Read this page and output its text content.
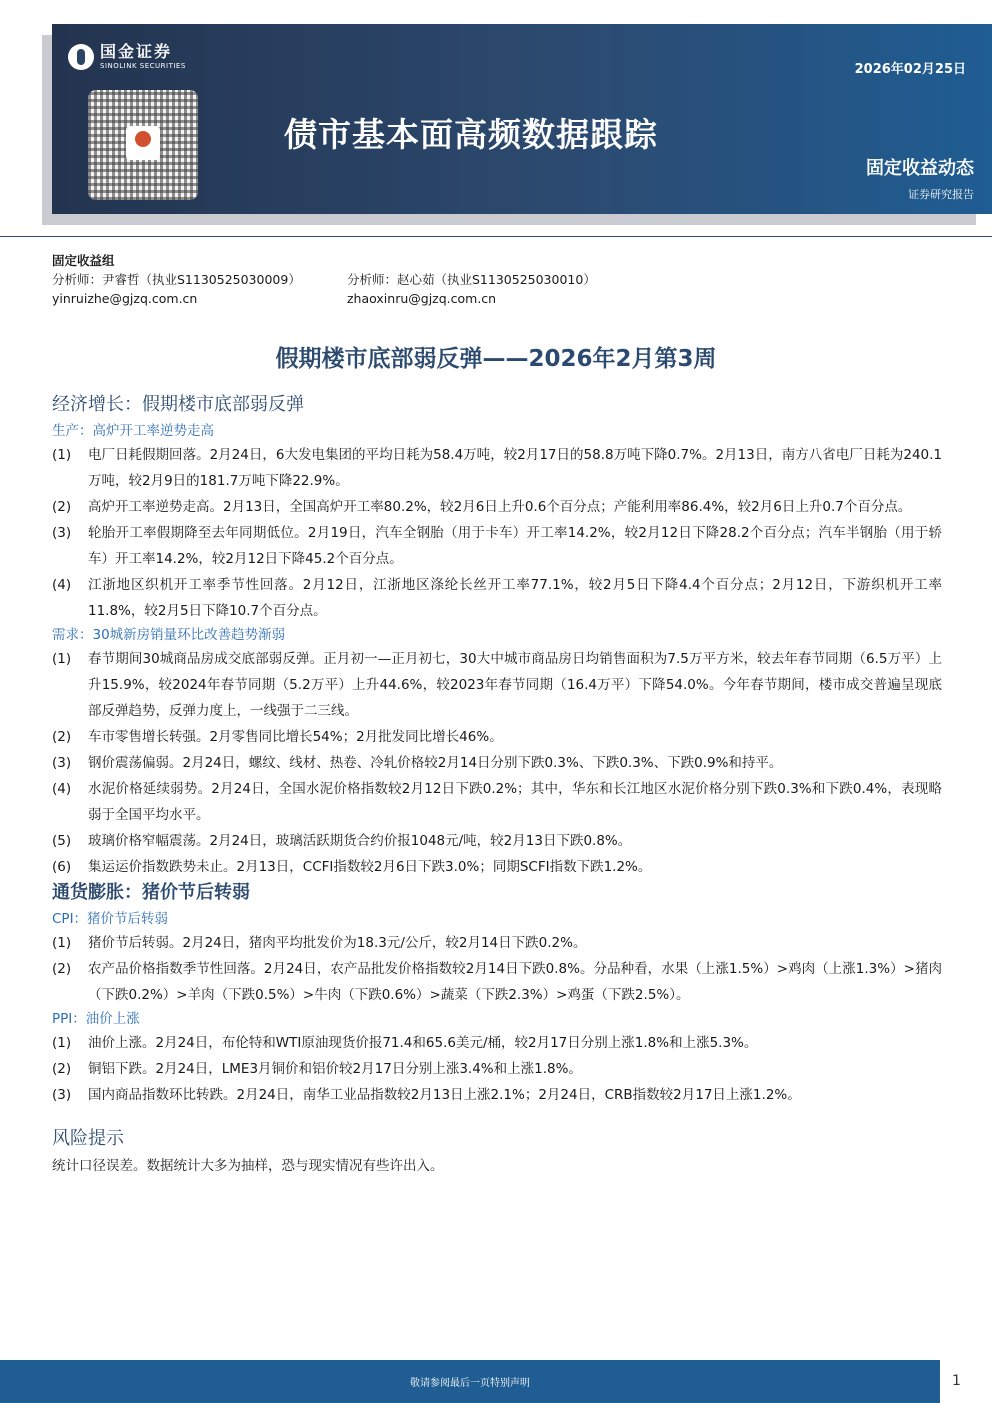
国金证券
SINOLINK SECURITIES	2026年02月25日
债市基本面高频数据跟踪
固定收益动态
证券研究报告
固定收益组
分析师：尹睿哲（执业S1130525030009）	分析师：赵心茹（执业S1130525030010）
yinruizhe@gjzq.com.cn	zhaoxinru@gjzq.com.cn
假期楼市底部弱反弹——2026年2月第3周
经济增长：假期楼市底部弱反弹
生产：高炉开工率逆势走高
(1)	电厂日耗假期回落。2月24日，6大发电集团的平均日耗为58.4万吨，较2月17日的58.8万吨下降0.7%。2月13日，南方八省电厂日耗为240.1万吨，较2月9日的181.7万吨下降22.9%。
(2)	高炉开工率逆势走高。2月13日，全国高炉开工率80.2%，较2月6日上升0.6个百分点；产能利用率86.4%，较2月6日上升0.7个百分点。
(3)	轮胎开工率假期降至去年同期低位。2月19日，汽车全钢胎（用于卡车）开工率14.2%，较2月12日下降28.2个百分点；汽车半钢胎（用于轿车）开工率14.2%，较2月12日下降45.2个百分点。
(4)	江浙地区织机开工率季节性回落。2月12日，江浙地区涤纶长丝开工率77.1%，较2月5日下降4.4个百分点；2月12日，下游织机开工率11.8%，较2月5日下降10.7个百分点。
需求：30城新房销量环比改善趋势渐弱
(1)	春节期间30城商品房成交底部弱反弹。正月初一—正月初七，30大中城市商品房日均销售面积为7.5万平方米，较去年春节同期（6.5万平）上升15.9%，较2024年春节同期（5.2万平）上升44.6%，较2023年春节同期（16.4万平）下降54.0%。今年春节期间，楼市成交普遍呈现底部反弹趋势，反弹力度上，一线强于二三线。
(2)	车市零售增长转强。2月零售同比增长54%；2月批发同比增长46%。
(3)	钢价震荡偏弱。2月24日，螺纹、线材、热卷、冷轧价格较2月14日分别下跌0.3%、下跌0.3%、下跌0.9%和持平。
(4)	水泥价格延续弱势。2月24日，全国水泥价格指数较2月12日下跌0.2%；其中，华东和长江地区水泥价格分别下跌0.3%和下跌0.4%，表现略弱于全国平均水平。
(5)	玻璃价格窄幅震荡。2月24日，玻璃活跃期货合约价报1048元/吨，较2月13日下跌0.8%。
(6)	集运运价指数跌势未止。2月13日，CCFI指数较2月6日下跌3.0%；同期SCFI指数下跌1.2%。
通货膨胀：猪价节后转弱
CPI：猪价节后转弱
(1)	猪价节后转弱。2月24日，猪肉平均批发价为18.3元/公斤，较2月14日下跌0.2%。
(2)	农产品价格指数季节性回落。2月24日，农产品批发价格指数较2月14日下跌0.8%。分品种看，水果（上涨1.5%）>鸡肉（上涨1.3%）>猪肉（下跌0.2%）>羊肉（下跌0.5%）>牛肉（下跌0.6%）>蔬菜（下跌2.3%）>鸡蛋（下跌2.5%）。
PPI：油价上涨
(1)	油价上涨。2月24日，布伦特和WTI原油现货价报71.4和65.6美元/桶，较2月17日分别上涨1.8%和上涨5.3%。
(2)	铜铝下跌。2月24日，LME3月铜价和铝价较2月17日分别上涨3.4%和上涨1.8%。
(3)	国内商品指数环比转跌。2月24日，南华工业品指数较2月13日上涨2.1%；2月24日，CRB指数较2月17日上涨1.2%。
风险提示
统计口径误差。数据统计大多为抽样，恐与现实情况有些许出入。
敬请参阅最后一页特别声明	1
